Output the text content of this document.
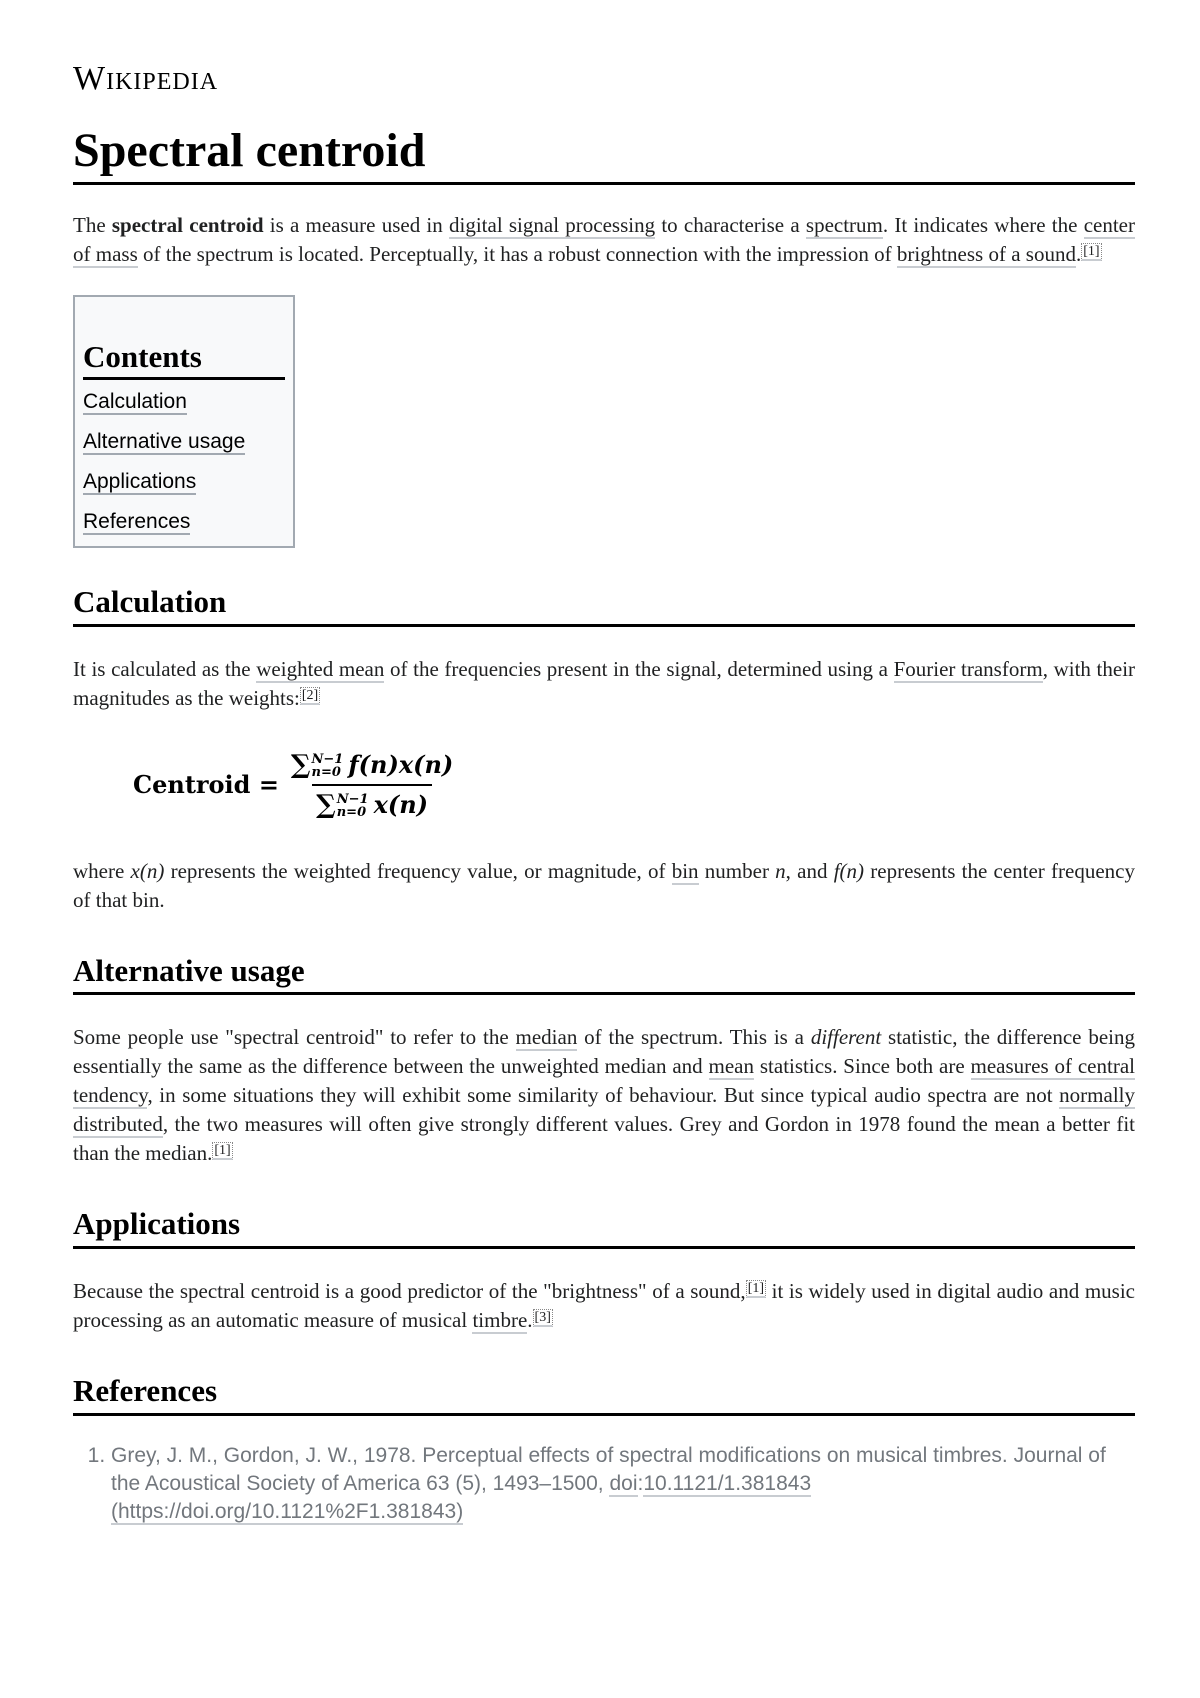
Wikipedia
Spectral centroid

The spectral centroid is a measure used in digital signal processing to characterise a spectrum. It indicates where the center of mass of the spectrum is located. Perceptually, it has a robust connection with the impression of brightness of a sound. [1]

Contents
Calculation
Alternative usage
Applications
References
Calculation

It is calculated as the weighted mean of the frequencies present in the signal, determined using a Fourier transform, with their magnitudes as the weights: [2]

Centroid = ∑ N−1
n=0 f(n)x(n)
∑ N−1
n=0 x(n)

where x(n) represents the weighted frequency value, or magnitude, of bin number n, and f(n) represents the center frequency of that bin.

Alternative usage

Some people use "spectral centroid" to refer to the median of the spectrum. This is a different statistic, the difference being essentially the same as the difference between the unweighted median and mean statistics. Since both are measures of central tendency, in some situations they will exhibit some similarity of behaviour. But since typical audio spectra are not normally distributed, the two measures will often give strongly different values. Grey and Gordon in 1978 found the mean a better fit than the median. [1]

Applications

Because the spectral centroid is a good predictor of the "brightness" of a sound, [1] it is widely used in digital audio and music processing as an automatic measure of musical timbre. [3]

References
1. Grey, J. M., Gordon, J. W., 1978. Perceptual effects of spectral modifications on musical timbres. Journal of the Acoustical Society of America 63 (5), 1493–1500, doi:10.1121/1.381843 (https://doi.org/10.1121%2F1.381843)
